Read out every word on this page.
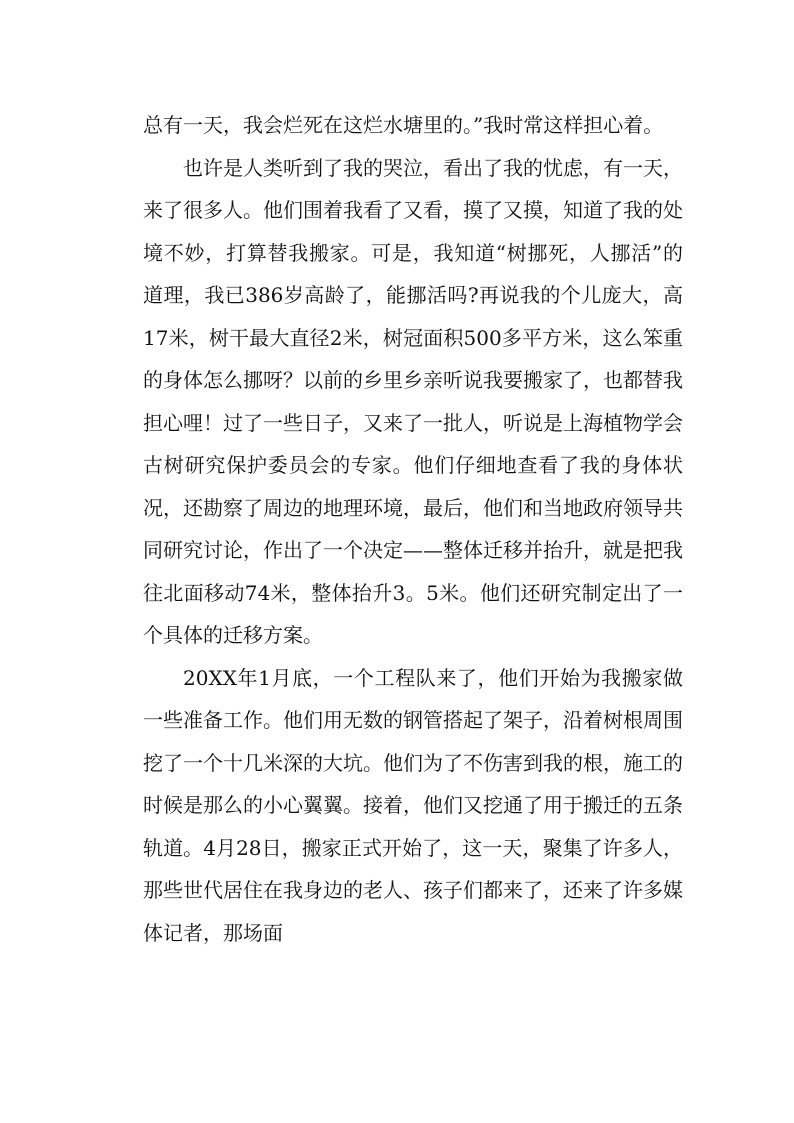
总有一天，我会烂死在这烂水塘里的。”我时常这样担心着。

也许是人类听到了我的哭泣，看出了我的忧虑，有一天，来了很多人。他们围着我看了又看，摸了又摸，知道了我的处境不妙，打算替我搬家。可是，我知道“树挪死，人挪活”的道理，我已386岁高龄了，能挪活吗?再说我的个儿庞大，高17米，树干最大直径2米，树冠面积500多平方米，这么笨重的身体怎么挪呀？以前的乡里乡亲听说我要搬家了，也都替我担心哩！过了一些日子，又来了一批人，听说是上海植物学会古树研究保护委员会的专家。他们仔细地查看了我的身体状况，还勘察了周边的地理环境，最后，他们和当地政府领导共同研究讨论，作出了一个决定——整体迁移并抬升，就是把我往北面移动74米，整体抬升3。5米。他们还研究制定出了一个具体的迁移方案。

20XX年1月底，一个工程队来了，他们开始为我搬家做一些准备工作。他们用无数的钢管搭起了架子，沿着树根周围挖了一个十几米深的大坑。他们为了不伤害到我的根，施工的时候是那么的小心翼翼。接着，他们又挖通了用于搬迁的五条轨道。4月28日，搬家正式开始了，这一天，聚集了许多人，那些世代居住在我身边的老人、孩子们都来了，还来了许多媒体记者，那场面
